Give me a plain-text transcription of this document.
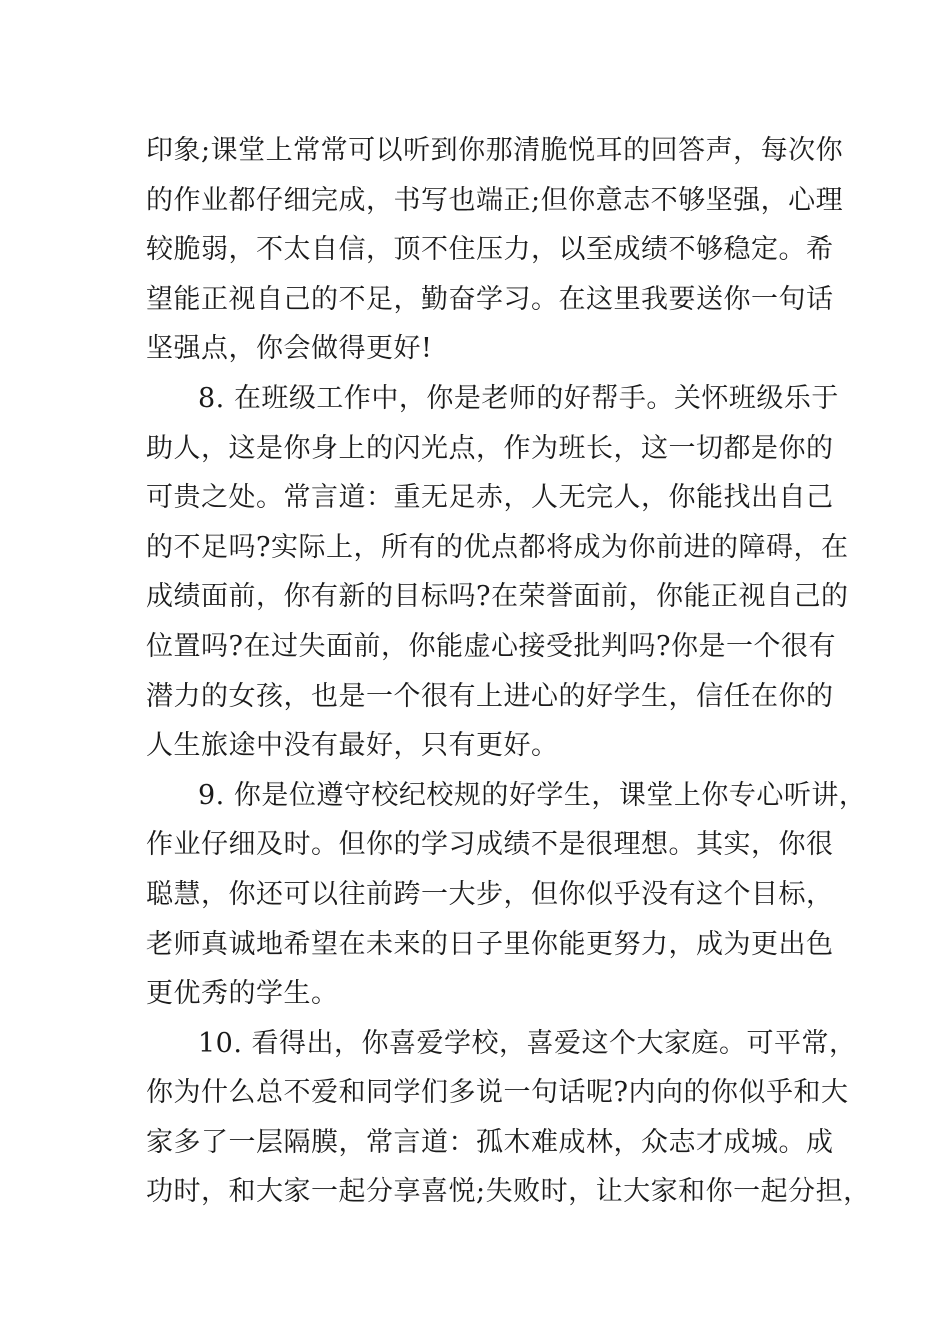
印象;课堂上常常可以听到你那清脆悦耳的回答声，每次你
的作业都仔细完成，书写也端正;但你意志不够坚强，心理
较脆弱，不太自信，顶不住压力，以至成绩不够稳定。希
望能正视自己的不足，勤奋学习。在这里我要送你一句话
坚强点，你会做得更好!
8. 在班级工作中，你是老师的好帮手。关怀班级乐于
助人，这是你身上的闪光点，作为班长，这一切都是你的
可贵之处。常言道：重无足赤，人无完人，你能找出自己
的不足吗?实际上，所有的优点都将成为你前进的障碍，在
成绩面前，你有新的目标吗?在荣誉面前，你能正视自己的
位置吗?在过失面前，你能虚心接受批判吗?你是一个很有
潜力的女孩，也是一个很有上进心的好学生，信任在你的
人生旅途中没有最好，只有更好。
9. 你是位遵守校纪校规的好学生，课堂上你专心听讲，
作业仔细及时。但你的学习成绩不是很理想。其实，你很
聪慧，你还可以往前跨一大步，但你似乎没有这个目标，
老师真诚地希望在未来的日子里你能更努力，成为更出色
更优秀的学生。
10. 看得出，你喜爱学校，喜爱这个大家庭。可平常，
你为什么总不爱和同学们多说一句话呢?内向的你似乎和大
家多了一层隔膜，常言道：孤木难成林，众志才成城。成
功时，和大家一起分享喜悦;失败时，让大家和你一起分担，
